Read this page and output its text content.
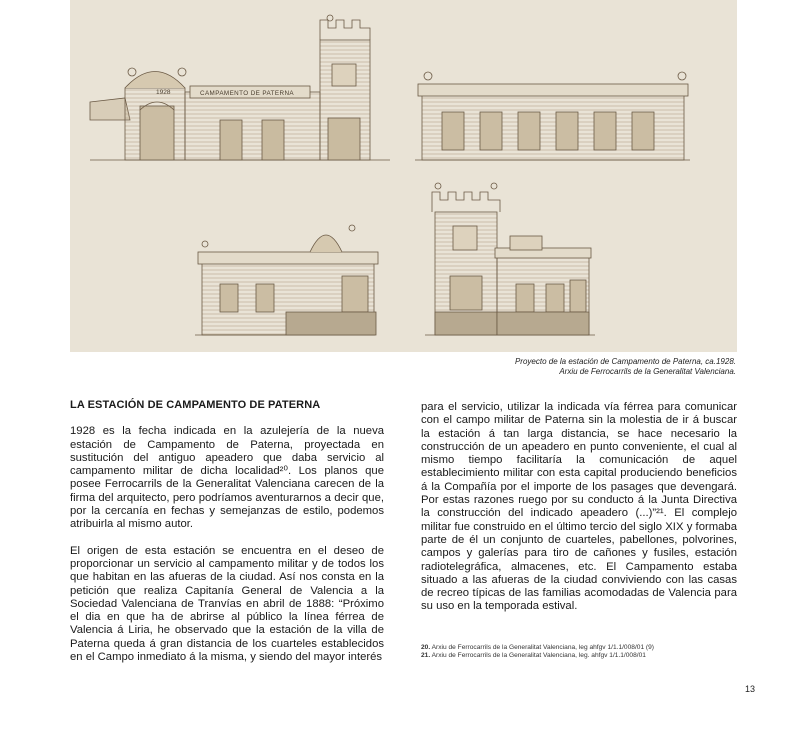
1928	CAMPAMENTO DE PATERNA
Proyecto de la estación de Campamento de Paterna, ca.1928.
Arxiu de Ferrocarrils de la Generalitat Valenciana.
LA ESTACIÓN DE CAMPAMENTO DE PATERNA

1928 es la fecha indicada en la azulejería de la nueva estación de Campamento de Paterna, proyectada en sustitución del antiguo apeadero que daba servicio al campamento militar de dicha localidad²⁰. Los planos que posee Ferrocarrils de la Generalitat Valenciana carecen de la firma del arquitecto, pero podríamos aventurarnos a decir que, por la cercanía en fechas y semejanzas de estilo, podemos atribuirla al mismo autor.

El origen de esta estación se encuentra en el deseo de proporcionar un servicio al campamento militar y de todos los que habitan en las afueras de la ciudad. Así nos consta en la petición que realiza Capitanía General de Valencia a la Sociedad Valenciana de Tranvías en abril de 1888: “Próximo el dia en que ha de abrirse al público la línea férrea de Valencia á Liria, he observado que la estación de la villa de Paterna queda á gran distancia de los cuarteles establecidos en el Campo inmediato á la misma, y siendo del mayor interés

para el servicio, utilizar la indicada vía férrea para comunicar con el campo militar de Paterna sin la molestia de ir á buscar la estación á tan larga distancia, se hace necesario la construcción de un apeadero en punto conveniente, el cual al mismo tiempo facilitaría la comunicación de aquel establecimiento militar con esta capital produciendo beneficios á la Compañía por el importe de los pasages que devengará. Por estas razones ruego por su conducto á la Junta Directiva la construcción del indicado apeadero (...)”²¹. El complejo militar fue construido en el último tercio del siglo XIX y formaba parte de él un conjunto de cuarteles, pabellones, polvorines, campos y galerías para tiro de cañones y fusiles, estación radiotelegráfica, almacenes, etc. El Campamento estaba situado a las afueras de la ciudad conviviendo con las casas de recreo típicas de las familias acomodadas de Valencia para su uso en la temporada estival.

20. Arxiu de Ferrocarrils de la Generalitat Valenciana, leg ahfgv 1/1.1/008/01 (9)
21. Arxiu de Ferrocarrils de la Generalitat Valenciana, leg. ahfgv 1/1.1/008/01
13
